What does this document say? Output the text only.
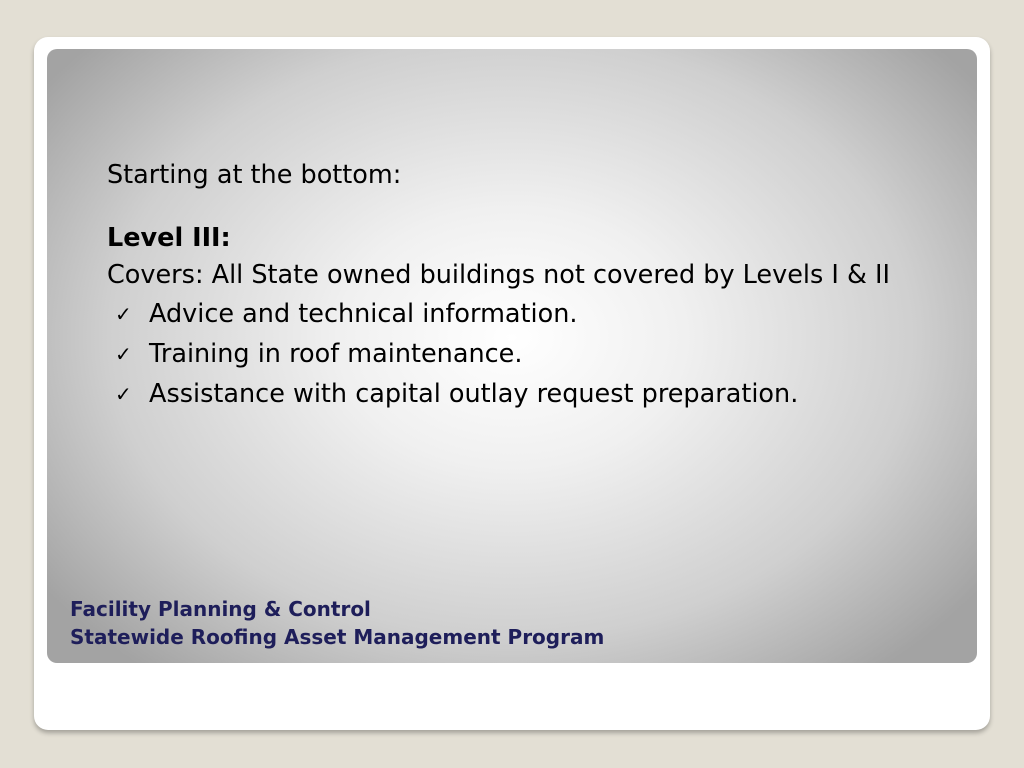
Starting at the bottom:

Level III:

Covers: All State owned buildings not covered by Levels I & II

✓ Advice and technical information.
✓ Training in roof maintenance.
✓ Assistance with capital outlay request preparation.
Facility Planning & Control
Statewide Roofing Asset Management Program
